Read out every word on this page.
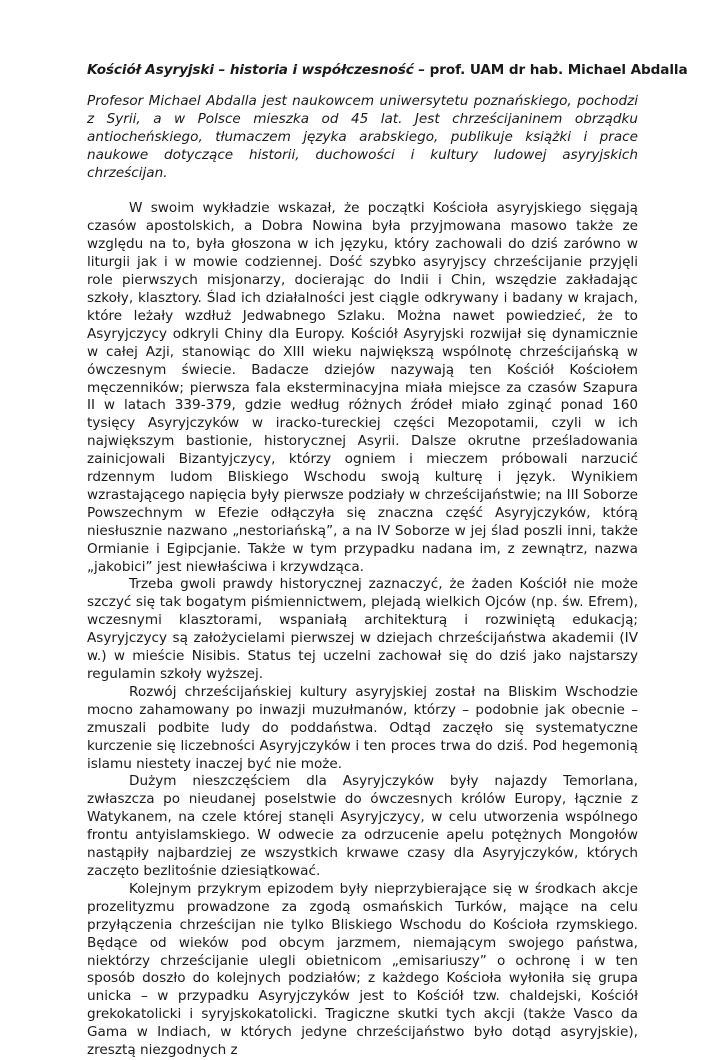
Kościół Asyryjski – historia i współczesność – prof. UAM dr hab. Michael Abdalla

Profesor Michael Abdalla jest naukowcem uniwersytetu poznańskiego, pochodzi z Syrii, a w Polsce mieszka od 45 lat. Jest chrześcijaninem obrządku antiocheńskiego, tłumaczem języka arabskiego, publikuje książki i prace naukowe dotyczące historii, duchowości i kultury ludowej asyryjskich chrześcijan.

W swoim wykładzie wskazał, że początki Kościoła asyryjskiego sięgają czasów apostolskich, a Dobra Nowina była przyjmowana masowo także ze względu na to, była głoszona w ich języku, który zachowali do dziś zarówno w liturgii jak i w mowie codziennej. Dość szybko asyryjscy chrześcijanie przyjęli role pierwszych misjonarzy, docierając do Indii i Chin, wszędzie zakładając szkoły, klasztory. Ślad ich działalności jest ciągle odkrywany i badany w krajach, które leżały wzdłuż Jedwabnego Szlaku. Można nawet powiedzieć, że to Asyryjczycy odkryli Chiny dla Europy. Kościół Asyryjski rozwijał się dynamicznie w całej Azji, stanowiąc do XIII wieku największą wspólnotę chrześcijańską w ówczesnym świecie. Badacze dziejów nazywają ten Kościół Kościołem męczenników; pierwsza fala eksterminacyjna miała miejsce za czasów Szapura II w latach 339-379, gdzie według różnych źródeł miało zginąć ponad 160 tysięcy Asyryjczyków w iracko-tureckiej części Mezopotamii, czyli w ich największym bastionie, historycznej Asyrii. Dalsze okrutne prześladowania zainicjowali Bizantyjczycy, którzy ogniem i mieczem próbowali narzucić rdzennym ludom Bliskiego Wschodu swoją kulturę i język. Wynikiem wzrastającego napięcia były pierwsze podziały w chrześcijaństwie; na III Soborze Powszechnym w Efezie odłączyła się znaczna część Asyryjczyków, którą niesłusznie nazwano „nestoriańską”, a na IV Soborze w jej ślad poszli inni, także Ormianie i Egipcjanie. Także w tym przypadku nadana im, z zewnątrz, nazwa „jakobici” jest niewłaściwa i krzywdząca.

Trzeba gwoli prawdy historycznej zaznaczyć, że żaden Kościół nie może szczyć się tak bogatym piśmiennictwem, plejadą wielkich Ojców (np. św. Efrem), wczesnymi klasztorami, wspaniałą architekturą i rozwiniętą edukacją; Asyryjczycy są założycielami pierwszej w dziejach chrześcijaństwa akademii (IV w.) w mieście Nisibis. Status tej uczelni zachował się do dziś jako najstarszy regulamin szkoły wyższej.

Rozwój chrześcijańskiej kultury asyryjskiej został na Bliskim Wschodzie mocno zahamowany po inwazji muzułmanów, którzy – podobnie jak obecnie – zmuszali podbite ludy do poddaństwa. Odtąd zaczęło się systematyczne kurczenie się liczebności Asyryjczyków i ten proces trwa do dziś. Pod hegemonią islamu niestety inaczej być nie może.

Dużym nieszczęściem dla Asyryjczyków były najazdy Temorlana, zwłaszcza po nieudanej poselstwie do ówczesnych królów Europy, łącznie z Watykanem, na czele której stanęli Asyryjczycy, w celu utworzenia wspólnego frontu antyislamskiego. W odwecie za odrzucenie apelu potężnych Mongołów nastąpiły najbardziej ze wszystkich krwawe czasy dla Asyryjczyków, których zaczęto bezlitośnie dziesiątkować.

Kolejnym przykrym epizodem były nieprzybierające się w środkach akcje prozelityzmu prowadzone za zgodą osmańskich Turków, mające na celu przyłączenia chrześcijan nie tylko Bliskiego Wschodu do Kościoła rzymskiego. Będące od wieków pod obcym jarzmem, niemającym swojego państwa, niektórzy chrześcijanie ulegli obietnicom „emisariuszy” o ochronę i w ten sposób doszło do kolejnych podziałów; z każdego Kościoła wyłoniła się grupa unicka – w przypadku Asyryjczyków jest to Kościół tzw. chaldejski, Kościół grekokatolicki i syryjskokatolicki. Tragiczne skutki tych akcji (także Vasco da Gama w Indiach, w których jedyne chrześcijaństwo było dotąd asyryjskie), zresztą niezgodnych z
